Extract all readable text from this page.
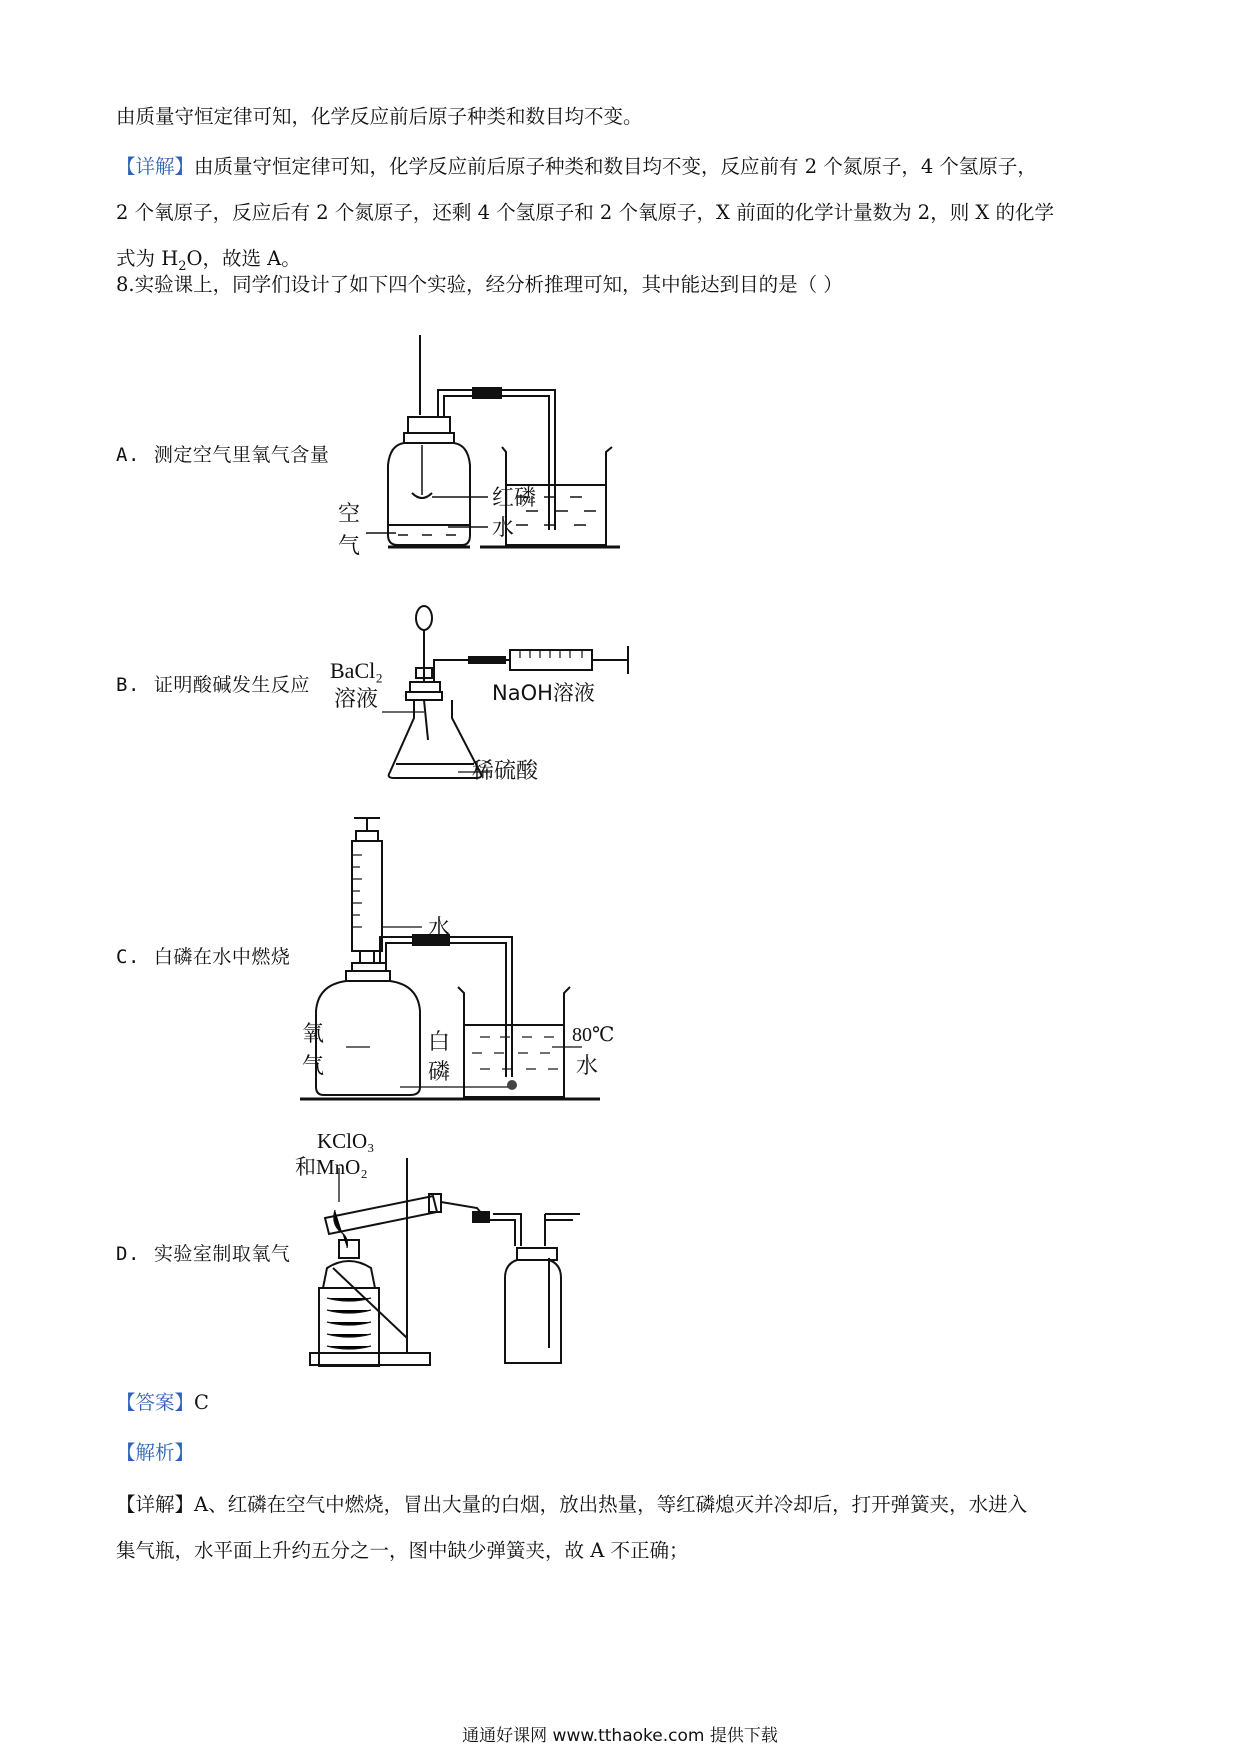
由质量守恒定律可知，化学反应前后原子种类和数目均不变。

【详解】由质量守恒定律可知，化学反应前后原子种类和数目均不变，反应前有 2 个氮原子，4 个氢原子，
2 个氧原子，反应后有 2 个氮原子，还剩 4 个氢原子和 2 个氧原子，X 前面的化学计量数为 2，则 X 的化学
式为 $H_2O$，故选 A。

8.实验课上，同学们设计了如下四个实验，经分析推理可知，其中能达到目的是（ ）

A. 测定空气里氧气含量
B. 证明酸碱发生反应
C. 白磷在水中燃烧
D. 实验室制取氧气
红磷
水
空
气
BaCl₂
溶液	NaOH溶液
稀硫酸
水
氧
气
白
磷
80℃
水
KClO₃
和MnO₂

【答案】C

【解析】

【详解】A、红磷在空气中燃烧，冒出大量的白烟，放出热量，等红磷熄灭并冷却后，打开弹簧夹，水进入
集气瓶，水平面上升约五分之一，图中缺少弹簧夹，故 A 不正确；

通通好课网 www.tthaoke.com 提供下载
